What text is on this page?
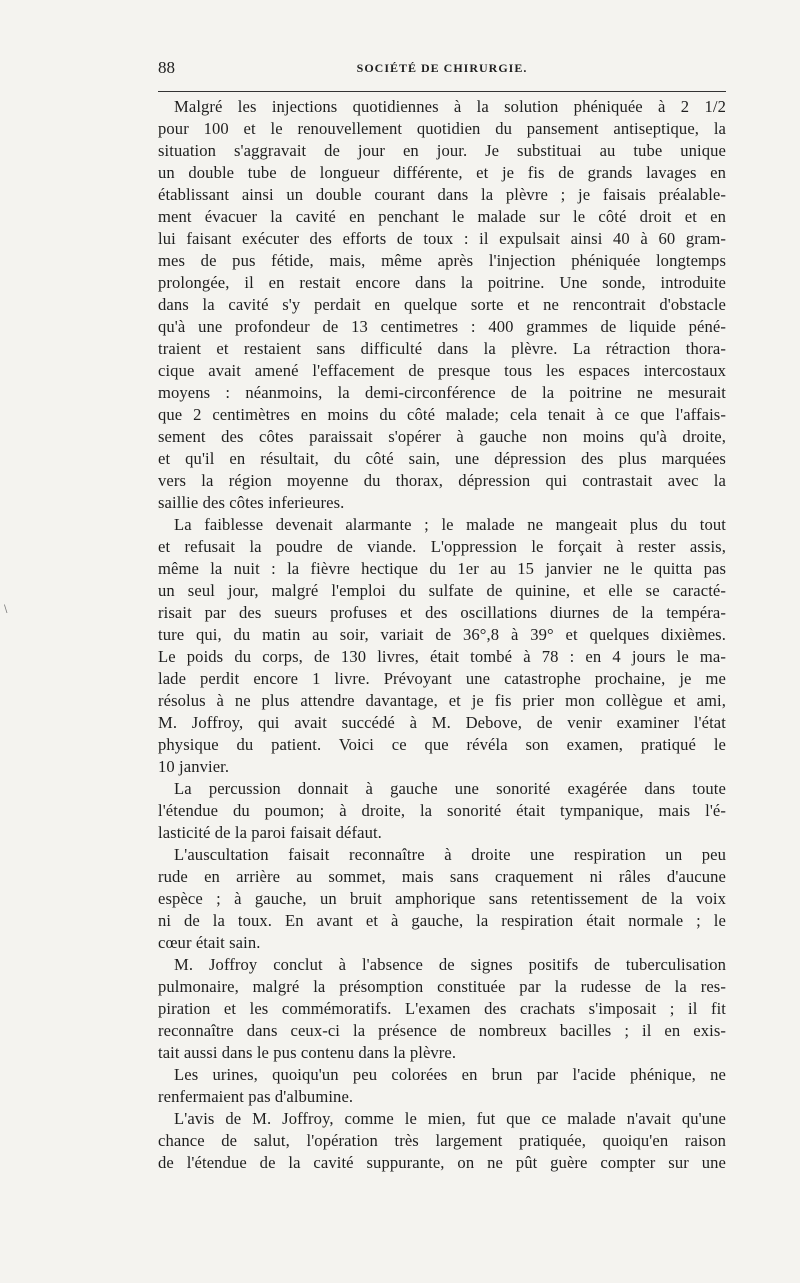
88	SOCIÉTÉ DE CHIRURGIE.
Malgré les injections quotidiennes à la solution phéniquée à 2 1/2
pour 100 et le renouvellement quotidien du pansement antiseptique, la
situation s'aggravait de jour en jour. Je substituai au tube unique
un double tube de longueur différente, et je fis de grands lavages en
établissant ainsi un double courant dans la plèvre ; je faisais préalable-
ment évacuer la cavité en penchant le malade sur le côté droit et en
lui faisant exécuter des efforts de toux : il expulsait ainsi 40 à 60 gram-
mes de pus fétide, mais, même après l'injection phéniquée longtemps
prolongée, il en restait encore dans la poitrine. Une sonde, introduite
dans la cavité s'y perdait en quelque sorte et ne rencontrait d'obstacle
qu'à une profondeur de 13 centimetres : 400 grammes de liquide péné-
traient et restaient sans difficulté dans la plèvre. La rétraction thora-
cique avait amené l'effacement de presque tous les espaces intercostaux
moyens : néanmoins, la demi-circonférence de la poitrine ne mesurait
que 2 centimètres en moins du côté malade; cela tenait à ce que l'affais-
sement des côtes paraissait s'opérer à gauche non moins qu'à droite,
et qu'il en résultait, du côté sain, une dépression des plus marquées
vers la région moyenne du thorax, dépression qui contrastait avec la
saillie des côtes inferieures.
La faiblesse devenait alarmante ; le malade ne mangeait plus du tout
et refusait la poudre de viande. L'oppression le forçait à rester assis,
même la nuit : la fièvre hectique du 1er au 15 janvier ne le quitta pas
un seul jour, malgré l'emploi du sulfate de quinine, et elle se caracté-
risait par des sueurs profuses et des oscillations diurnes de la tempéra-
ture qui, du matin au soir, variait de 36°,8 à 39° et quelques dixièmes.
Le poids du corps, de 130 livres, était tombé à 78 : en 4 jours le ma-
lade perdit encore 1 livre. Prévoyant une catastrophe prochaine, je me
résolus à ne plus attendre davantage, et je fis prier mon collègue et ami,
M. Joffroy, qui avait succédé à M. Debove, de venir examiner l'état
physique du patient. Voici ce que révéla son examen, pratiqué le
10 janvier.
La percussion donnait à gauche une sonorité exagérée dans toute
l'étendue du poumon; à droite, la sonorité était tympanique, mais l'é-
lasticité de la paroi faisait défaut.
L'auscultation faisait reconnaître à droite une respiration un peu
rude en arrière au sommet, mais sans craquement ni râles d'aucune
espèce ; à gauche, un bruit amphorique sans retentissement de la voix
ni de la toux. En avant et à gauche, la respiration était normale ; le
cœur était sain.
M. Joffroy conclut à l'absence de signes positifs de tuberculisation
pulmonaire, malgré la présomption constituée par la rudesse de la res-
piration et les commémoratifs. L'examen des crachats s'imposait ; il fit
reconnaître dans ceux-ci la présence de nombreux bacilles ; il en exis-
tait aussi dans le pus contenu dans la plèvre.
Les urines, quoiqu'un peu colorées en brun par l'acide phénique, ne
renfermaient pas d'albumine.
L'avis de M. Joffroy, comme le mien, fut que ce malade n'avait qu'une
chance de salut, l'opération très largement pratiquée, quoiqu'en raison
de l'étendue de la cavité suppurante, on ne pût guère compter sur une
\
